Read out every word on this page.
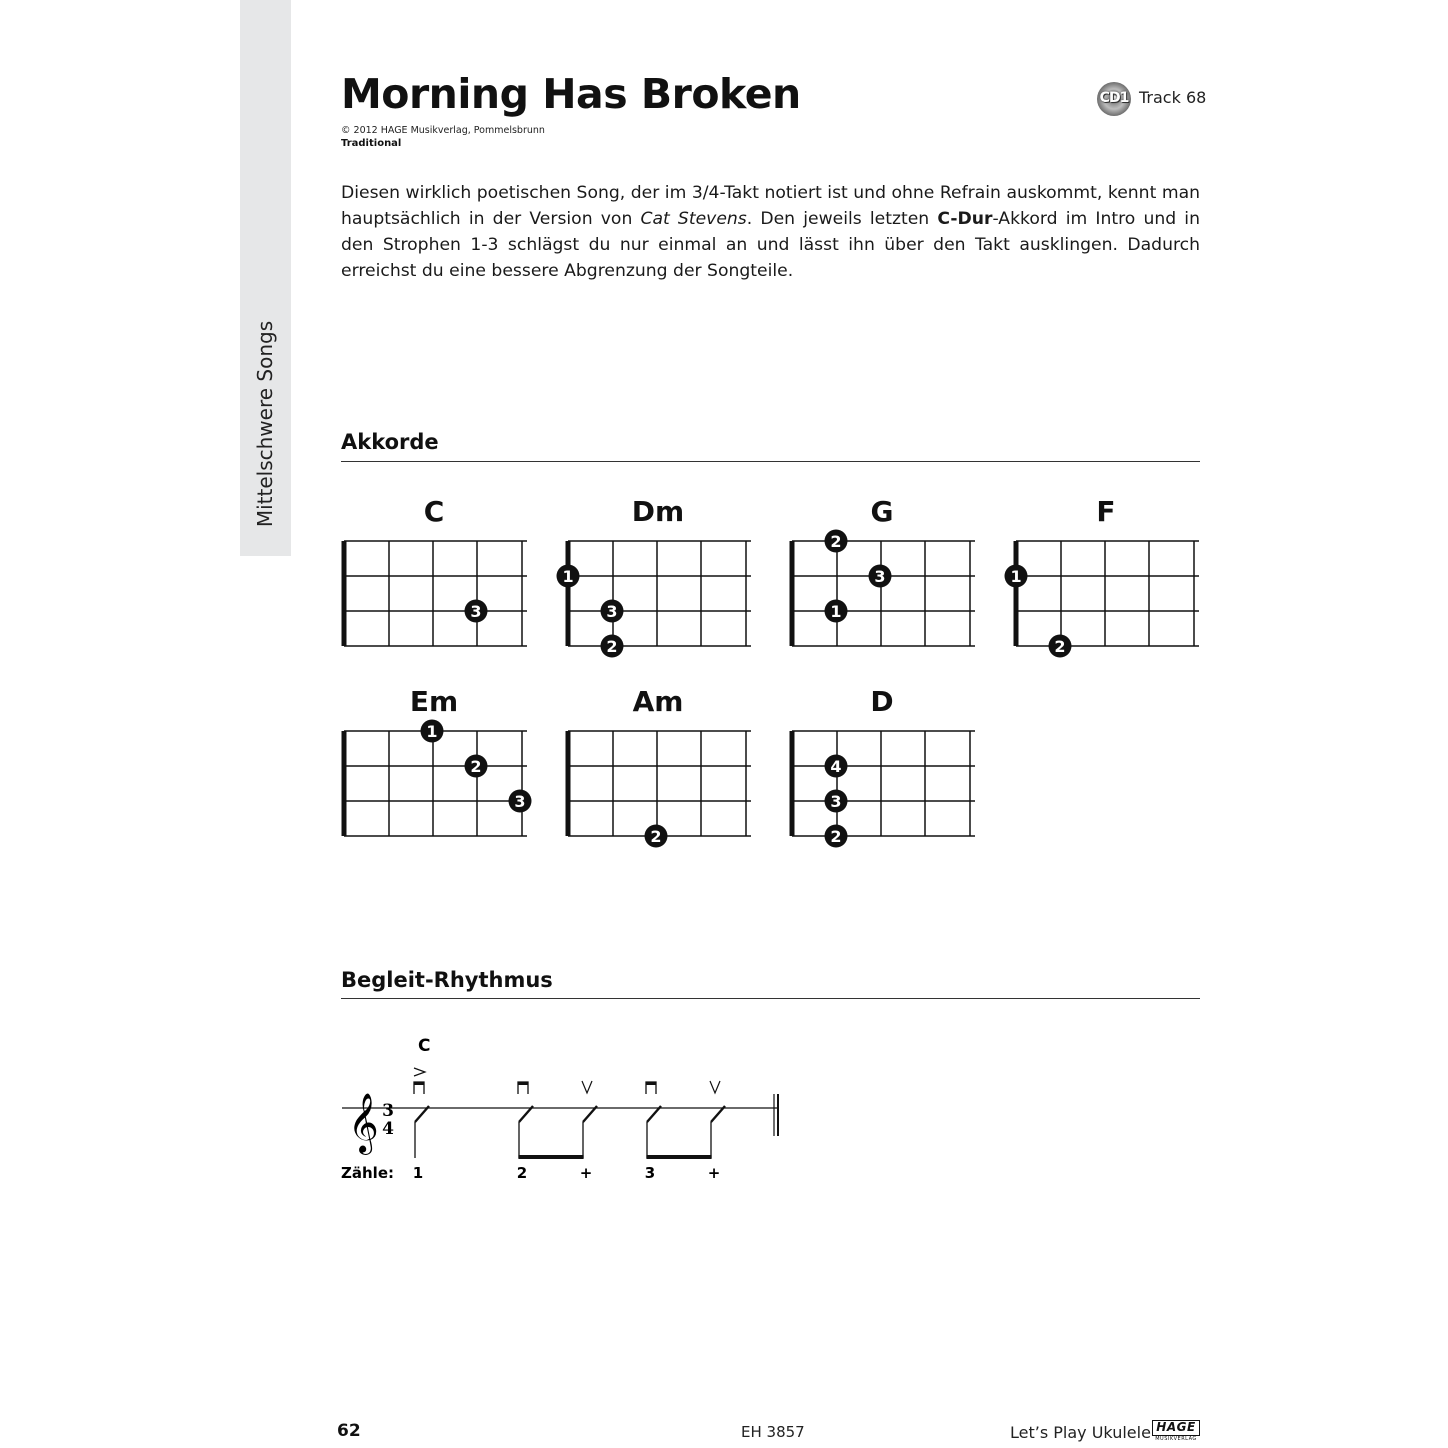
Mittelschwere Songs
Morning Has Broken
© 2012 HAGE Musikverlag, Pommelsbrunn
Traditional
CD1 Track 68

Diesen wirklich poetischen Song, der im 3/4-Takt notiert ist und ohne Refrain auskommt, kennt man hauptsächlich in der Version von Cat Stevens. Den jeweils letzten C-Dur-Akkord im Intro und in den Strophen 1-3 schlägst du nur einmal an und lässt ihn über den Takt ausklingen. Dadurch erreichst du eine bessere Abgrenzung der Songteile.

Akkorde
C
3
Dm
1
3
2
G
2
3
1
F
1
2
Em
1
2
3
Am
2
D
4
3
2
Begleit-Rhythmus
C
𝄞 3
4
Zähle: 1	2	+	3	+
62	EH 3857	Let’s Play Ukulele HAGE
MUSIKVERLAG
